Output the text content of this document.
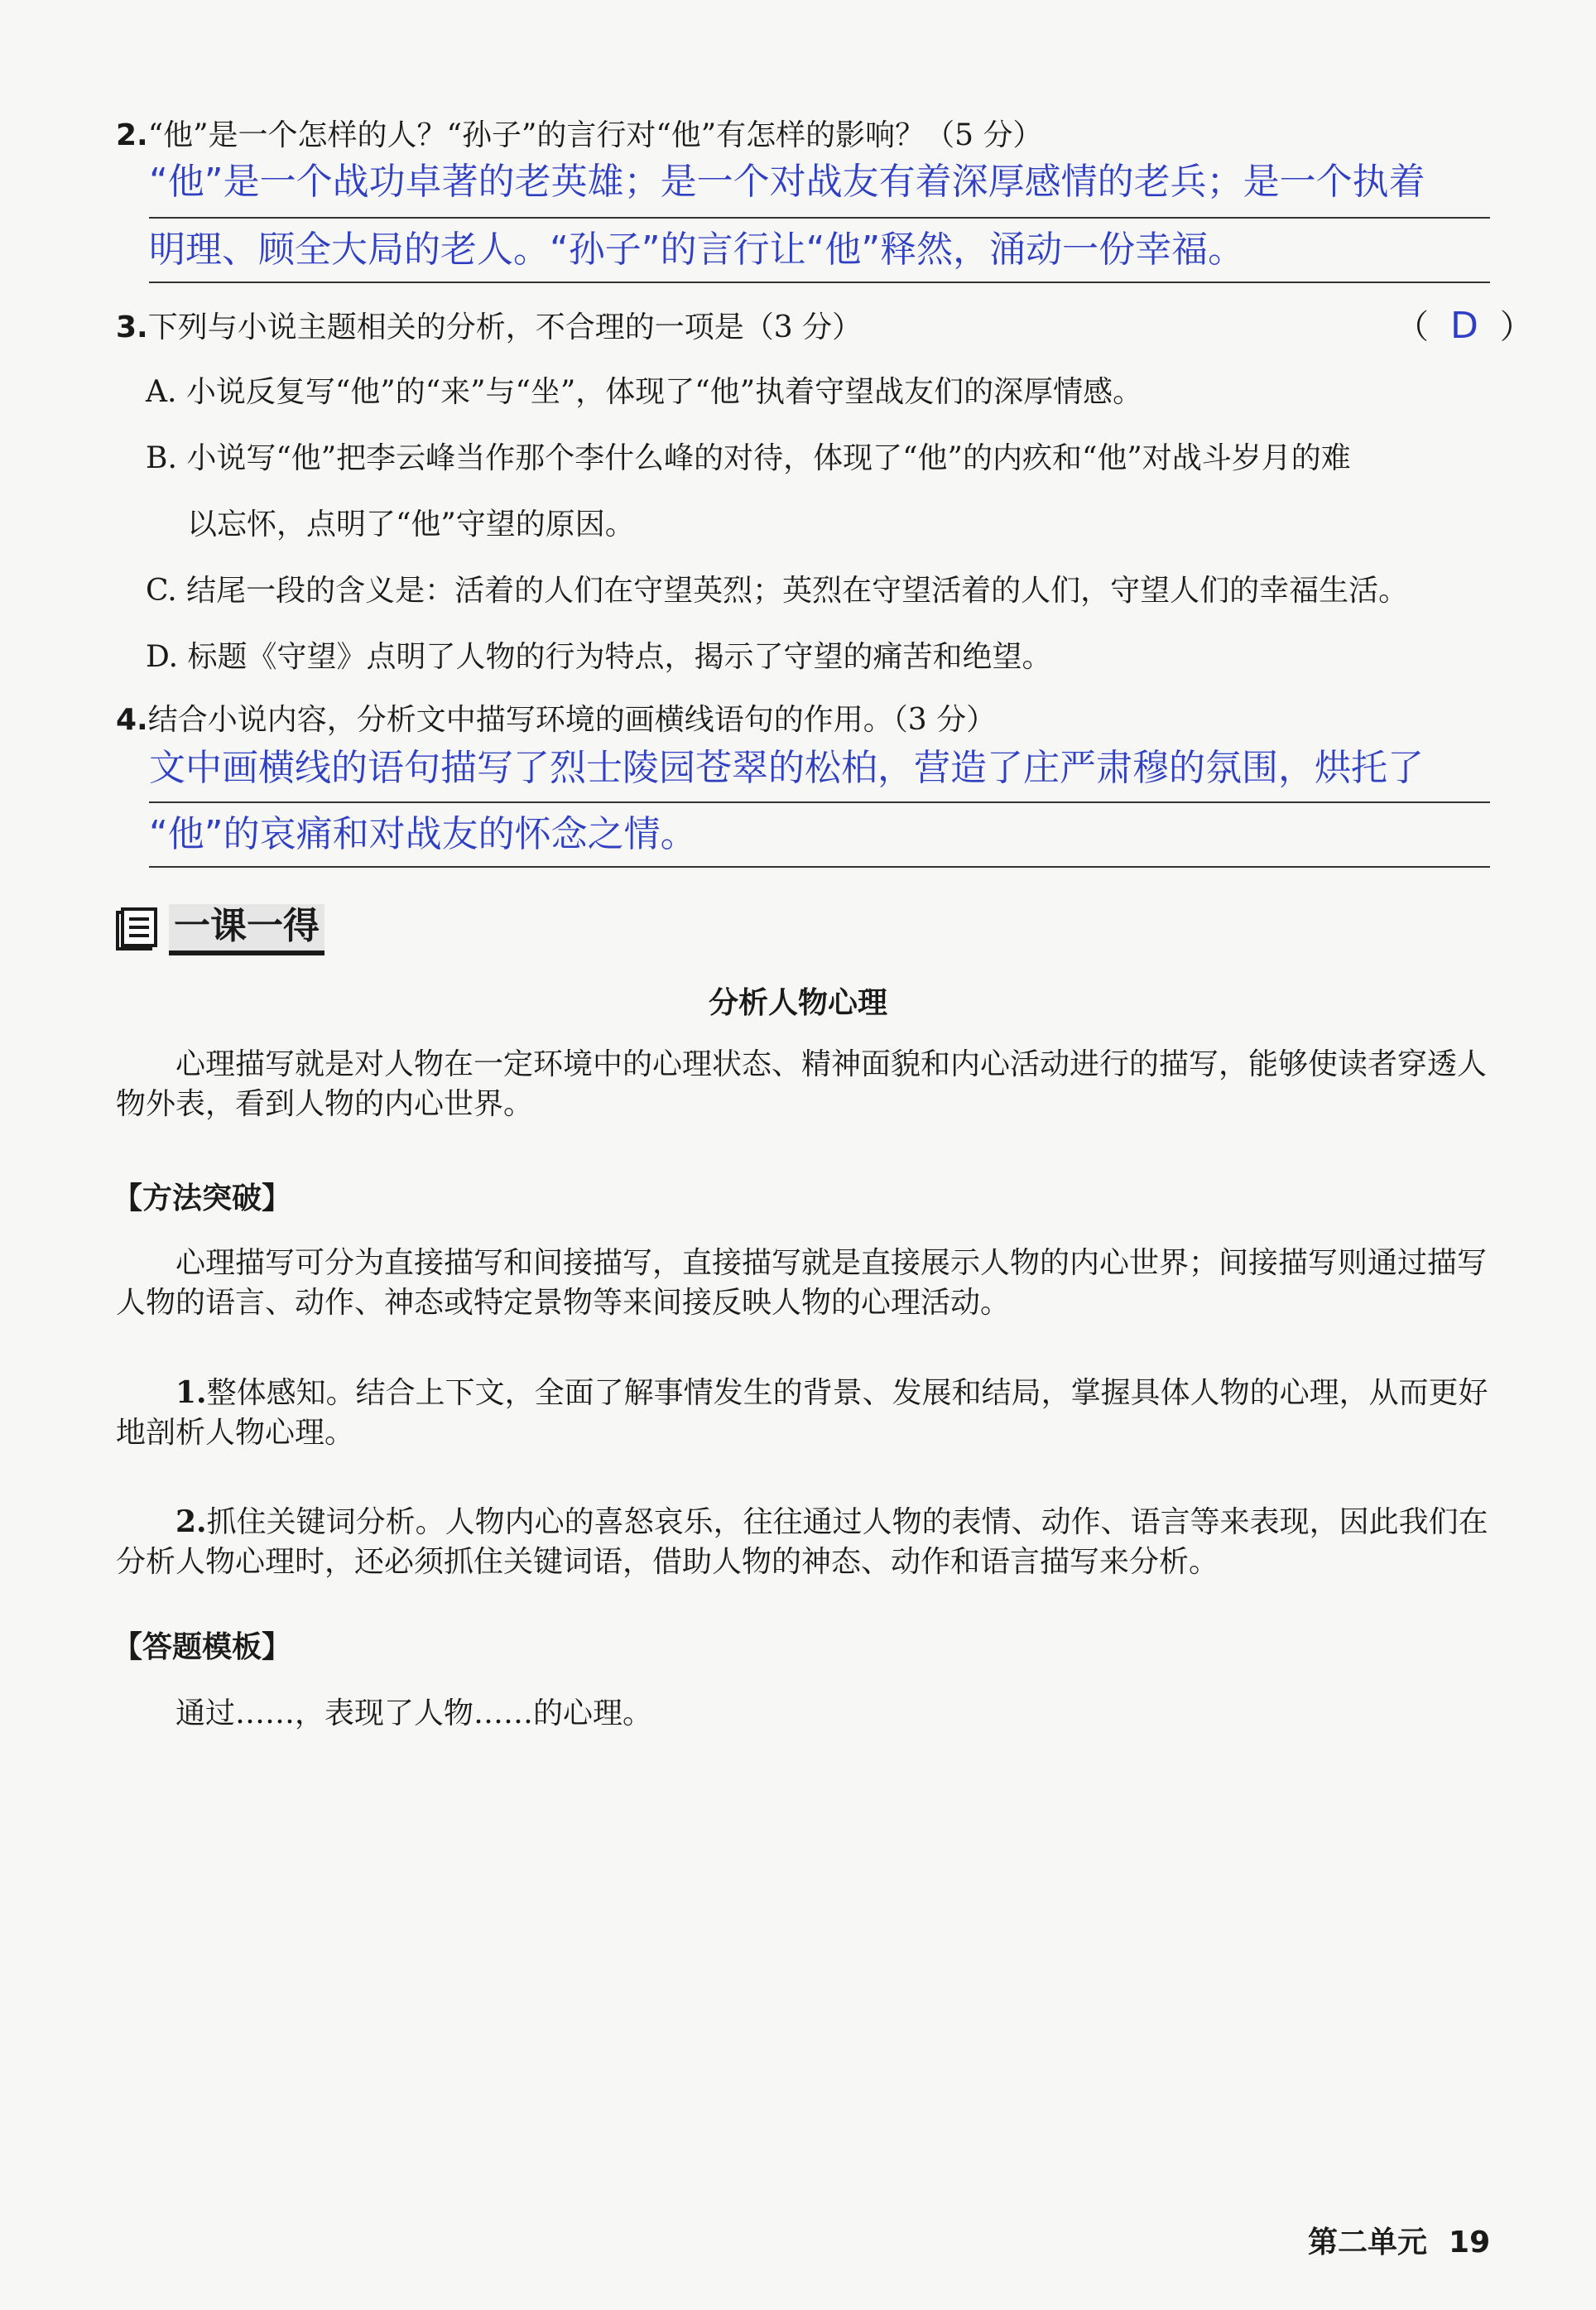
2.“他”是一个怎样的人？“孙子”的言行对“他”有怎样的影响？（5 分）
“他”是一个战功卓著的老英雄；是一个对战友有着深厚感情的老兵；是一个执着
明理、顾全大局的老人。“孙子”的言行让“他”释然，涌动一份幸福。
3.下列与小说主题相关的分析，不合理的一项是（3 分）	（ D ）
A. 小说反复写“他”的“来”与“坐”，体现了“他”执着守望战友们的深厚情感。
B. 小说写“他”把李云峰当作那个李什么峰的对待，体现了“他”的内疚和“他”对战斗岁月的难
以忘怀，点明了“他”守望的原因。
C. 结尾一段的含义是：活着的人们在守望英烈；英烈在守望活着的人们，守望人们的幸福生活。
D. 标题《守望》点明了人物的行为特点，揭示了守望的痛苦和绝望。
4.结合小说内容，分析文中描写环境的画横线语句的作用。（3 分）
文中画横线的语句描写了烈士陵园苍翠的松柏，营造了庄严肃穆的氛围，烘托了
“他”的哀痛和对战友的怀念之情。
一课一得
分析人物心理
心理描写就是对人物在一定环境中的心理状态、精神面貌和内心活动进行的描写，能够使读者穿透人物外表，看到人物的内心世界。
【方法突破】
心理描写可分为直接描写和间接描写，直接描写就是直接展示人物的内心世界；间接描写则通过描写人物的语言、动作、神态或特定景物等来间接反映人物的心理活动。
1.整体感知。结合上下文，全面了解事情发生的背景、发展和结局，掌握具体人物的心理，从而更好地剖析人物心理。
2.抓住关键词分析。人物内心的喜怒哀乐，往往通过人物的表情、动作、语言等来表现，因此我们在分析人物心理时，还必须抓住关键词语，借助人物的神态、动作和语言描写来分析。
【答题模板】
通过……，表现了人物……的心理。
第二单元 19
